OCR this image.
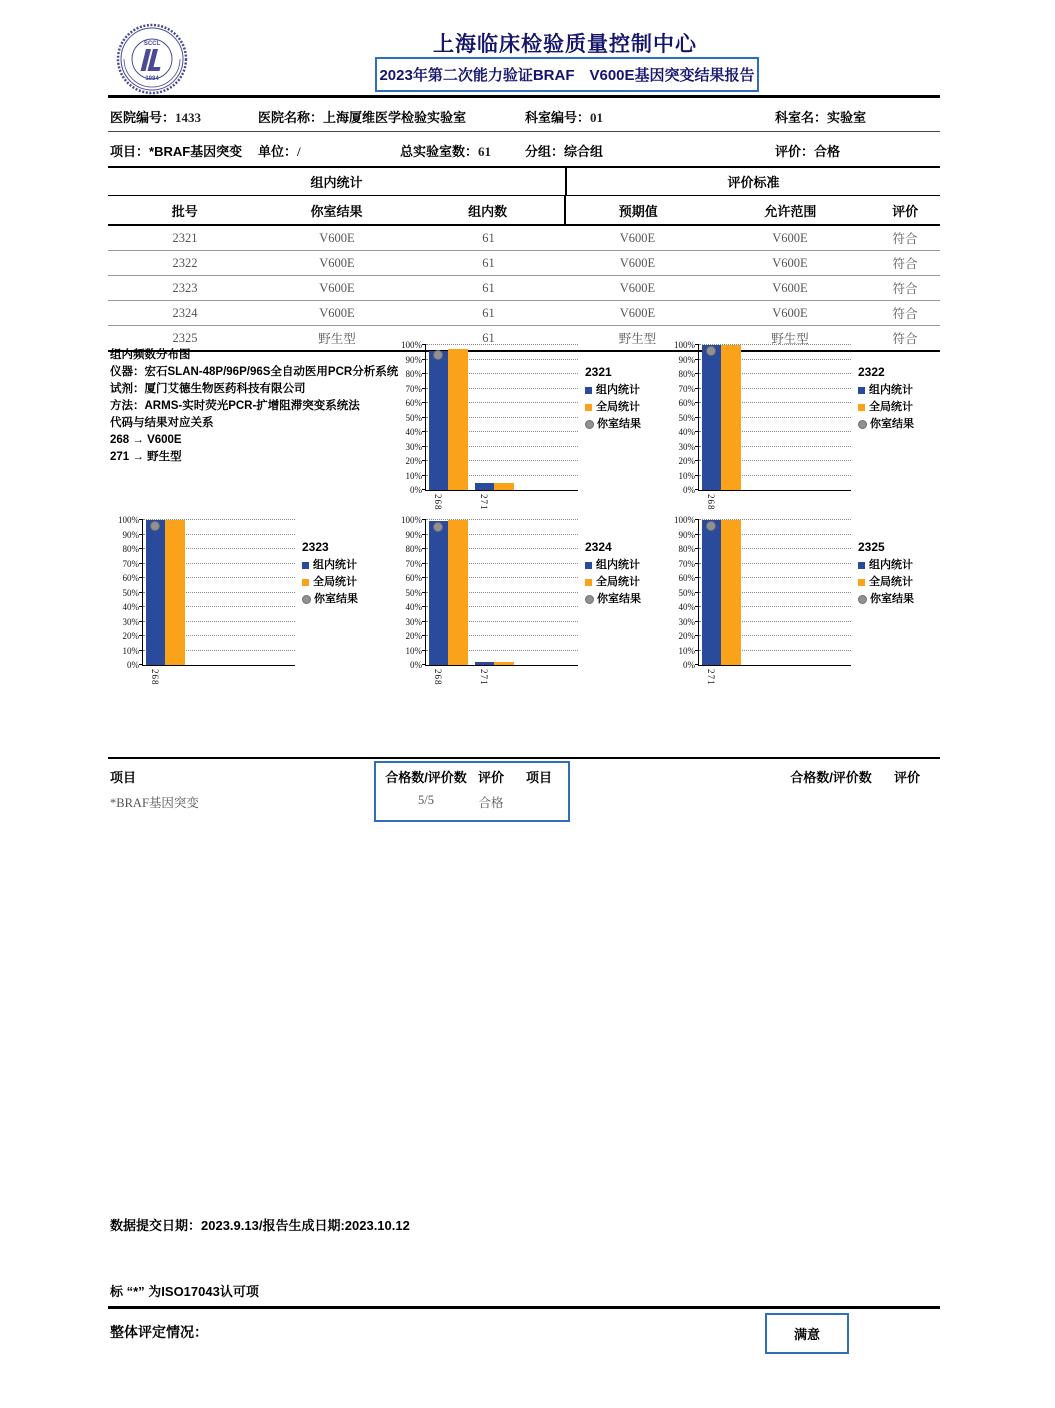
SCCL
1984
上海临床检验质量控制中心
2023年第二次能力验证BRAF　V600E基因突变结果报告
医院编号：1433	医院名称：上海厦维医学检验实验室	科室编号：01	科室名：实验室
项目：*BRAF基因突变 单位：/	总实验室数：61	分组：综合组	评价：合格
组内统计	评价标准
批号	你室结果	组内数	预期值	允许范围	评价
2321	V600E	61	V600E	V600E	符合
2322	V600E	61	V600E	V600E	符合
2323	V600E	61	V600E	V600E	符合
2324	V600E	61	V600E	V600E	符合
2325	野生型	61	野生型	野生型	符合
组内频数分布图
仪器：宏石SLAN-48P/96P/96S全自动医用PCR分析系统
试剂：厦门艾德生物医药科技有限公司
方法：ARMS-实时荧光PCR-扩增阻滞突变系统法
代码与结果对应关系
268 → V600E
271 → 野生型
0%
10%
20%
30%
40%
50%
60%
70%
80%
90%
100%
268	271
2321
组内统计
全局统计
你室结果
0%
10%
20%
30%
40%
50%
60%
70%
80%
90%
100%
268
2322
组内统计
全局统计
你室结果
0%
10%
20%
30%
40%
50%
60%
70%
80%
90%
100%
268
2323
组内统计
全局统计
你室结果
0%
10%
20%
30%
40%
50%
60%
70%
80%
90%
100%
268	271
2324
组内统计
全局统计
你室结果
0%
10%
20%
30%
40%
50%
60%
70%
80%
90%
100%
271
2325
组内统计
全局统计
你室结果
项目	合格数/评价数 评价	项目	合格数/评价数	评价
*BRAF基因突变	5/5	合格
数据提交日期：2023.9.13/报告生成日期:2023.10.12
标 “*” 为ISO17043认可项
整体评定情况：	满意
